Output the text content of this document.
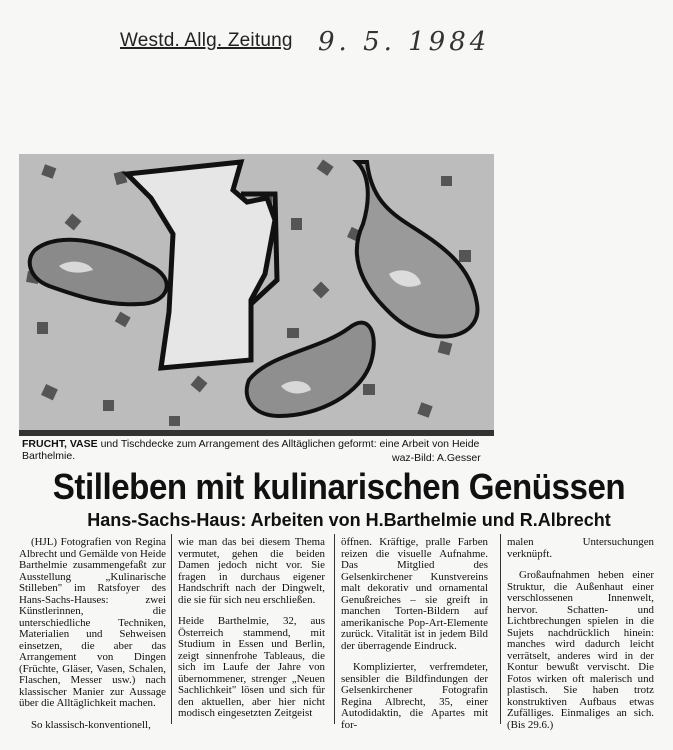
Westd. Allg. Zeitung 9. 5. 1984
FRUCHT, VASE und Tischdecke zum Arrangement des Alltäglichen geformt: eine Arbeit von Heide Barthelmie.	waz-Bild: A.Gesser
Stilleben mit kulinarischen Genüssen
Hans-Sachs-Haus: Arbeiten von H.Barthelmie und R.Albrecht

(HJL) Fotografien von Regina Albrecht und Gemälde von Heide Barthelmie zusammengefaßt zur Ausstellung „Kulinarische Stilleben" im Ratsfoyer des Hans-Sachs-Hauses: zwei Künstlerinnen, die unterschiedliche Techniken, Materialien und Sehweisen einsetzen, die aber das Arrangement von Dingen (Früchte, Gläser, Vasen, Schalen, Flaschen, Messer usw.) nach klassischer Manier zur Aussage über die Alltäglichkeit machen.

So klassisch-konventionell,

wie man das bei diesem Thema vermutet, gehen die beiden Damen jedoch nicht vor. Sie fragen in durchaus eigener Handschrift nach der Dingwelt, die sie für sich neu erschließen.

Heide Barthelmie, 32, aus Österreich stammend, mit Studium in Essen und Berlin, zeigt sinnenfrohe Tableaus, die sich im Laufe der Jahre von übernommener, strenger „Neuen Sachlichkeit" lösen und sich für den aktuellen, aber hier nicht modisch eingesetzten Zeitgeist

öffnen. Kräftige, pralle Farben reizen die visuelle Aufnahme. Das Mitglied des Gelsenkirchener Kunstvereins malt dekorativ und ornamental Genußreiches – sie greift in manchen Torten-Bildern auf amerikanische Pop-Art-Elemente zurück. Vitalität ist in jedem Bild der überragende Eindruck.

Komplizierter, verfremdeter, sensibler die Bildfindungen der Gelsenkirchener Fotografin Regina Albrecht, 35, einer Autodidaktin, die Apartes mit for-

malen Untersuchungen verknüpft.

Großaufnahmen heben einer Struktur, die Außenhaut einer verschlossenen Innenwelt, hervor. Schatten- und Lichtbrechungen spielen in die Sujets nachdrücklich hinein: manches wird dadurch leicht verrätselt, anderes wird in der Kontur bewußt vervischt. Die Fotos wirken oft malerisch und plastisch. Sie haben trotz konstruktiven Aufbaus etwas Zufälliges. Einmaliges an sich. (Bis 29.6.)
